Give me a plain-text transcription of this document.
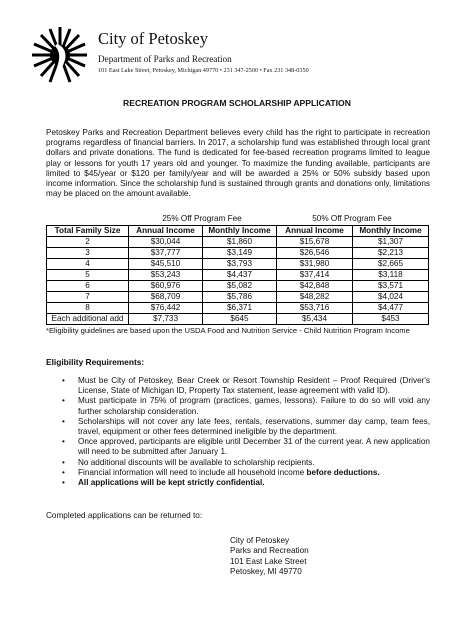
City of Petoskey
Department of Parks and Recreation
101 East Lake Street, Petoskey, Michigan 49770 • 231 347-2500 • Fax 231 348-0350
RECREATION PROGRAM SCHOLARSHIP APPLICATION

Petoskey Parks and Recreation Department believes every child has the right to participate in recreation programs regardless of financial barriers. In 2017, a scholarship fund was established through local grant dollars and private donations. The fund is dedicated for fee-based recreation programs limited to league play or lessons for youth 17 years old and younger. To maximize the funding available, participants are limited to $45/year or $120 per family/year and will be awarded a 25% or 50% subsidy based upon income information. Since the scholarship fund is sustained through grants and donations only, limitations may be placed on the amount available.

25% Off Program Fee	50% Off Program Fee
Total Family Size	Annual Income	Monthly Income	Annual Income	Monthly Income
2	$30,044	$1,860	$15,678	$1,307
3	$37,777	$3,149	$26,546	$2,213
4	$45,510	$3,793	$31,980	$2,665
5	$53,243	$4,437	$37,414	$3,118
6	$60,976	$5,082	$42,848	$3,571
7	$68,709	$5,786	$48,282	$4,024
8	$76,442	$6,371	$53,716	$4,477
Each additional add	$7,733	$645	$5,434	$453
*Eligibility guidelines are based upon the USDA Food and Nutrition Service - Child Nutrition Program Income
Eligibility Requirements:
• Must be City of Petoskey, Bear Creek or Resort Township Resident – Proof Required (Driver's License, State of Michigan ID, Property Tax statement, lease agreement with valid ID).
• Must participate in 75% of program (practices, games, lessons). Failure to do so will void any further scholarship consideration.
• Scholarships will not cover any late fees, rentals, reservations, summer day camp, team fees, travel, equipment or other fees determined ineligible by the department.
• Once approved, participants are eligible until December 31 of the current year. A new application will need to be submitted after January 1.
• No additional discounts will be available to scholarship recipients.
• Financial information will need to include all household income before deductions.
• All applications will be kept strictly confidential.
Completed applications can be returned to:
City of Petoskey
Parks and Recreation
101 East Lake Street
Petoskey, MI 49770
